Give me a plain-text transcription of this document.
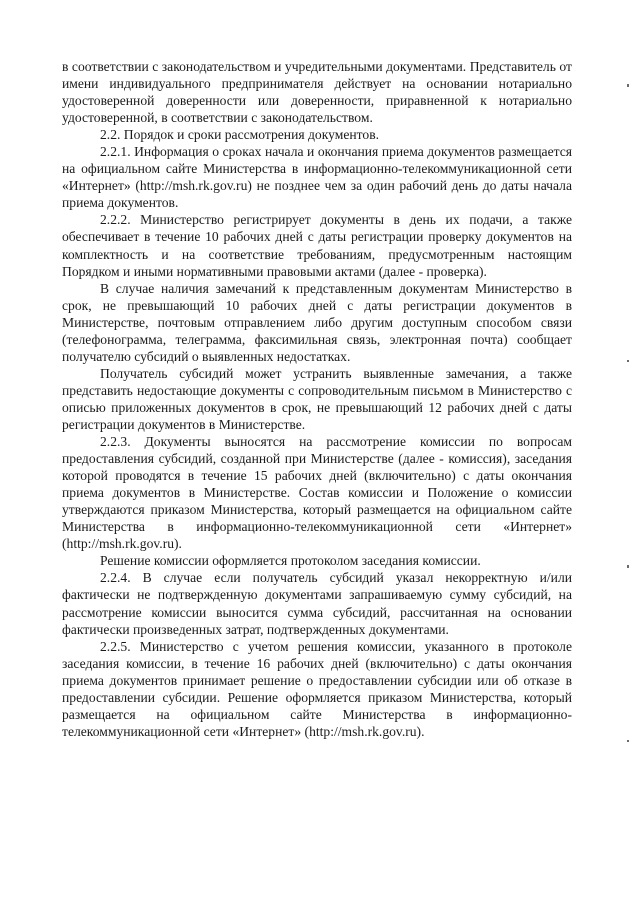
в соответствии с законодательством и учредительными документами. Представитель от имени индивидуального предпринимателя действует на основании нотариально удостоверенной доверенности или доверенности, приравненной к нотариально удостоверенной, в соответствии с законодательством.

2.2. Порядок и сроки рассмотрения документов.

2.2.1. Информация о сроках начала и окончания приема документов размещается на официальном сайте Министерства в информационно-телекоммуникационной сети «Интернет» (http://msh.rk.gov.ru) не позднее чем за один рабочий день до даты начала приема документов.

2.2.2. Министерство регистрирует документы в день их подачи, а также обеспечивает в течение 10 рабочих дней с даты регистрации проверку документов на комплектность и на соответствие требованиям, предусмотренным настоящим Порядком и иными нормативными правовыми актами (далее - проверка).

В случае наличия замечаний к представленным документам Министерство в срок, не превышающий 10 рабочих дней с даты регистрации документов в Министерстве, почтовым отправлением либо другим доступным способом связи (телефонограмма, телеграмма, факсимильная связь, электронная почта) сообщает получателю субсидий о выявленных недостатках.

Получатель субсидий может устранить выявленные замечания, а также представить недостающие документы с сопроводительным письмом в Министерство с описью приложенных документов в срок, не превышающий 12 рабочих дней с даты регистрации документов в Министерстве.

2.2.3. Документы выносятся на рассмотрение комиссии по вопросам предоставления субсидий, созданной при Министерстве (далее - комиссия), заседания которой проводятся в течение 15 рабочих дней (включительно) с даты окончания приема документов в Министерстве. Состав комиссии и Положение о комиссии утверждаются приказом Министерства, который размещается на официальном сайте Министерства в информационно-телекоммуникационной сети «Интернет» (http://msh.rk.gov.ru).

Решение комиссии оформляется протоколом заседания комиссии.

2.2.4. В случае если получатель субсидий указал некорректную и/или фактически не подтвержденную документами запрашиваемую сумму субсидий, на рассмотрение комиссии выносится сумма субсидий, рассчитанная на основании фактически произведенных затрат, подтвержденных документами.

2.2.5. Министерство с учетом решения комиссии, указанного в протоколе заседания комиссии, в течение 16 рабочих дней (включительно) с даты окончания приема документов принимает решение о предоставлении субсидии или об отказе в предоставлении субсидии. Решение оформляется приказом Министерства, который размещается на официальном сайте Министерства в информационно-телекоммуникационной сети «Интернет» (http://msh.rk.gov.ru).
